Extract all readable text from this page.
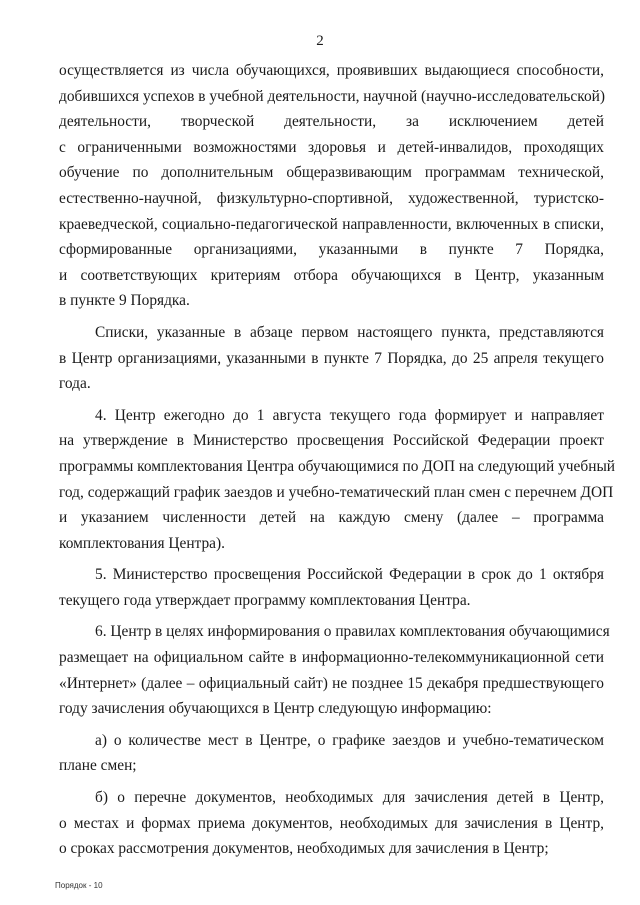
2
осуществляется из числа обучающихся, проявивших выдающиеся способности,
добившихся успехов в учебной деятельности, научной (научно-исследовательской)
деятельности, творческой деятельности, за исключением детей
с ограниченными возможностями здоровья и детей-инвалидов, проходящих
обучение по дополнительным общеразвивающим программам технической,
естественно-научной, физкультурно-спортивной, художественной, туристско-
краеведческой, социально-педагогической направленности, включенных в списки,
сформированные организациями, указанными в пункте 7 Порядка,
и соответствующих критериям отбора обучающихся в Центр, указанным
в пункте 9 Порядка.
Списки, указанные в абзаце первом настоящего пункта, представляются
в Центр организациями, указанными в пункте 7 Порядка, до 25 апреля текущего
года.
4. Центр ежегодно до 1 августа текущего года формирует и направляет
на утверждение в Министерство просвещения Российской Федерации проект
программы комплектования Центра обучающимися по ДОП на следующий учебный
год, содержащий график заездов и учебно-тематический план смен с перечнем ДОП
и указанием численности детей на каждую смену (далее – программа
комплектования Центра).
5. Министерство просвещения Российской Федерации в срок до 1 октября
текущего года утверждает программу комплектования Центра.
6. Центр в целях информирования о правилах комплектования обучающимися
размещает на официальном сайте в информационно-телекоммуникационной сети
«Интернет» (далее – официальный сайт) не позднее 15 декабря предшествующего
году зачисления обучающихся в Центр следующую информацию:
а) о количестве мест в Центре, о графике заездов и учебно-тематическом
плане смен;
б) о перечне документов, необходимых для зачисления детей в Центр,
о местах и формах приема документов, необходимых для зачисления в Центр,
о сроках рассмотрения документов, необходимых для зачисления в Центр;
Порядок - 10
